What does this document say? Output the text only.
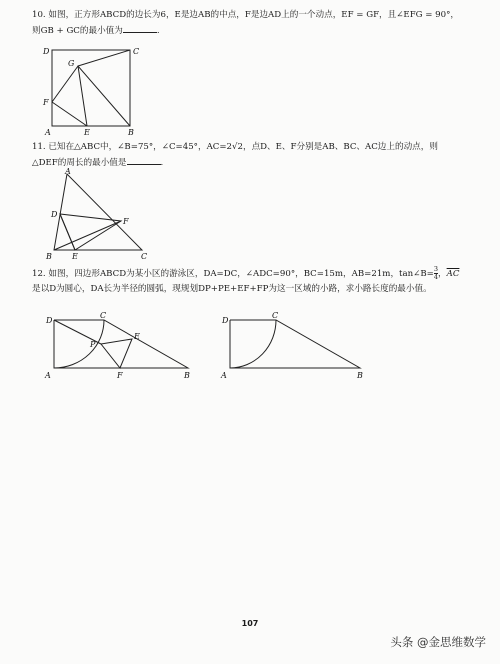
10. 如图，正方形ABCD的边长为6，E是边AB的中点，F是边AD上的一个动点，EF = GF，且∠EFG = 90°，
则GB + GC的最小值为	.
D
G
C
F
A	E	B
11. 已知在△ABC中，∠B=75°，∠C=45°，AC=2√2，点D、E、F分别是AB、BC、AC边上的动点，则
△DEF的周长的最小值是	.
A
D
F
B	E	C
12. 如图，四边形ABCD为某小区的游泳区，DA=DC，∠ADC=90°，BC=15m，AB=21m，tan∠B= $\frac{3}{4}$ ，$\overline{AC}$
是以D为圆心，DA长为半径的圆弧，现规划DP+PE+EF+FP为这一区域的小路，求小路长度的最小值。
D
C
P
E
A	F	B
D
C
A	B
107
头条 @金思维数学
